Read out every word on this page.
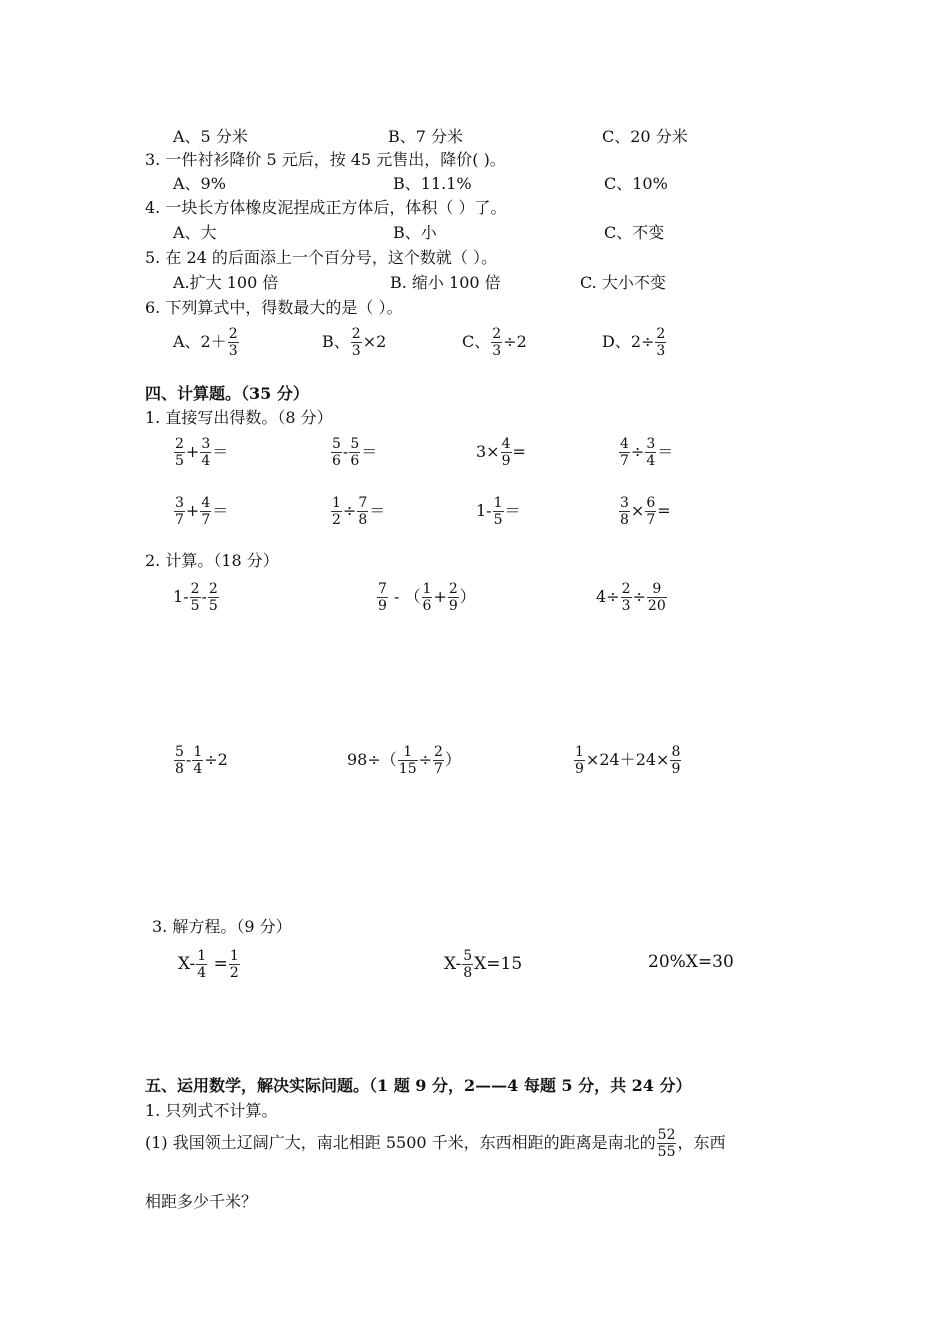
A、5 分米	B、7 分米	C、20 分米
3. 一件衬衫降价 5 元后，按 45 元售出，降价( )。
A、9%	B、11.1%	C、10%
4. 一块长方体橡皮泥捏成正方体后，体积（ ）了。
A、大	B、小	C、不变
5. 在 24 的后面添上一个百分号，这个数就（ ）。
A.扩大 100 倍	B. 缩小 100 倍	C. 大小不变
6. 下列算式中，得数最大的是（ ）。
A、$2+ \frac{2}{3}$	B、 $\frac{2}{3} \times 2$	C、 $\frac{2}{3} \div 2$	D、$2\div \frac{2}{3}$
四、计算题。（35 分）
1. 直接写出得数。（8 分）
$\frac{2}{5} + \frac{3}{4}$ ＝	$\frac{5}{6} - \frac{5}{6}$ ＝	$3\times \frac{4}{9}$ =	$\frac{4}{7} \div \frac{3}{4}$ ＝
$\frac{3}{7} + \frac{4}{7}$ ＝	$\frac{1}{2} \div \frac{7}{8}$ ＝	$1- \frac{1}{5}$ ＝	$\frac{3}{8} \times \frac{6}{7}$ =
2. 计算。（18 分）
$1- \frac{2}{5} - \frac{2}{5}$	$\frac{7}{9}$ - （ $\frac{1}{6} + \frac{2}{9}$ ）	$4\div \frac{2}{3} \div \frac{9}{20}$
$\frac{5}{8} - \frac{1}{4} \div 2$	$98\div( \frac{1}{15} \div \frac{2}{7}$ ）	$\frac{1}{9} \times 24+24\times \frac{8}{9}$
3. 解方程。（9 分）
$X- \frac{1}{4} = \frac{1}{2}$	$X- \frac{5}{8} X=15$	20%X=30
五、运用数学，解决实际问题。（1 题 9 分，2——4 每题 5 分，共 24 分）
1. 只列式不计算。
(1) 我国领土辽阔广大，南北相距 5500 千米，东西相距的距离是南北的 $\frac{52}{55}$ ，东西
相距多少千米？
